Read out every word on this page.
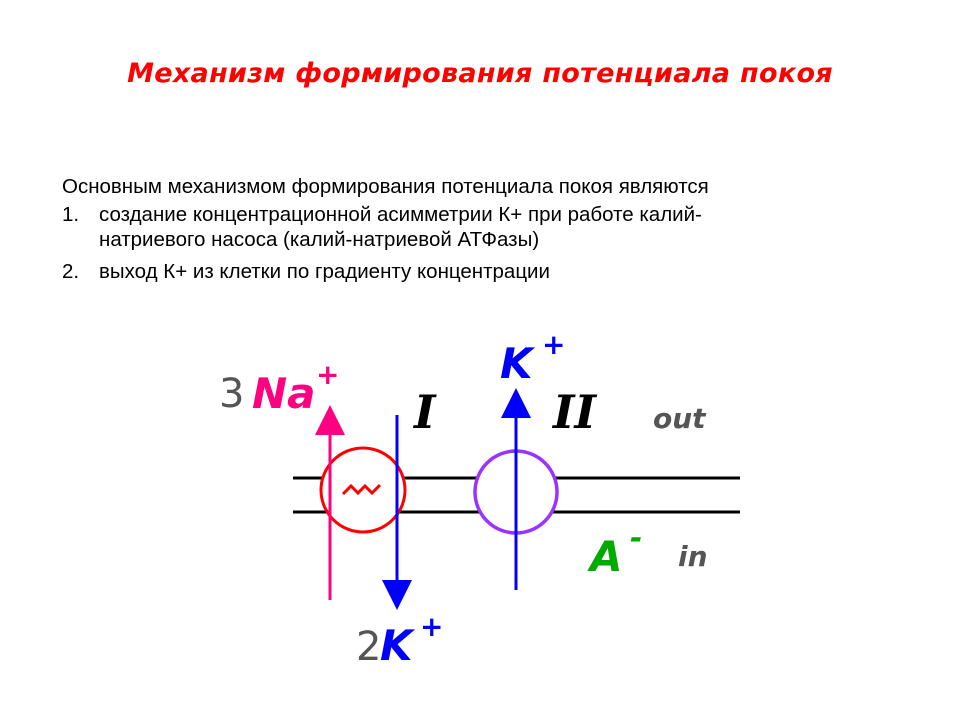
Механизм формирования потенциала покоя
Основным механизмом формирования потенциала покоя являются
1. создание концентрационной асимметрии К+ при работе калий-
натриевого насоса (калий-натриевой АТФазы)
2. выход К+ из клетки по градиенту концентрации
3 Na +
2
K +
K +
I	II out
in
A -
